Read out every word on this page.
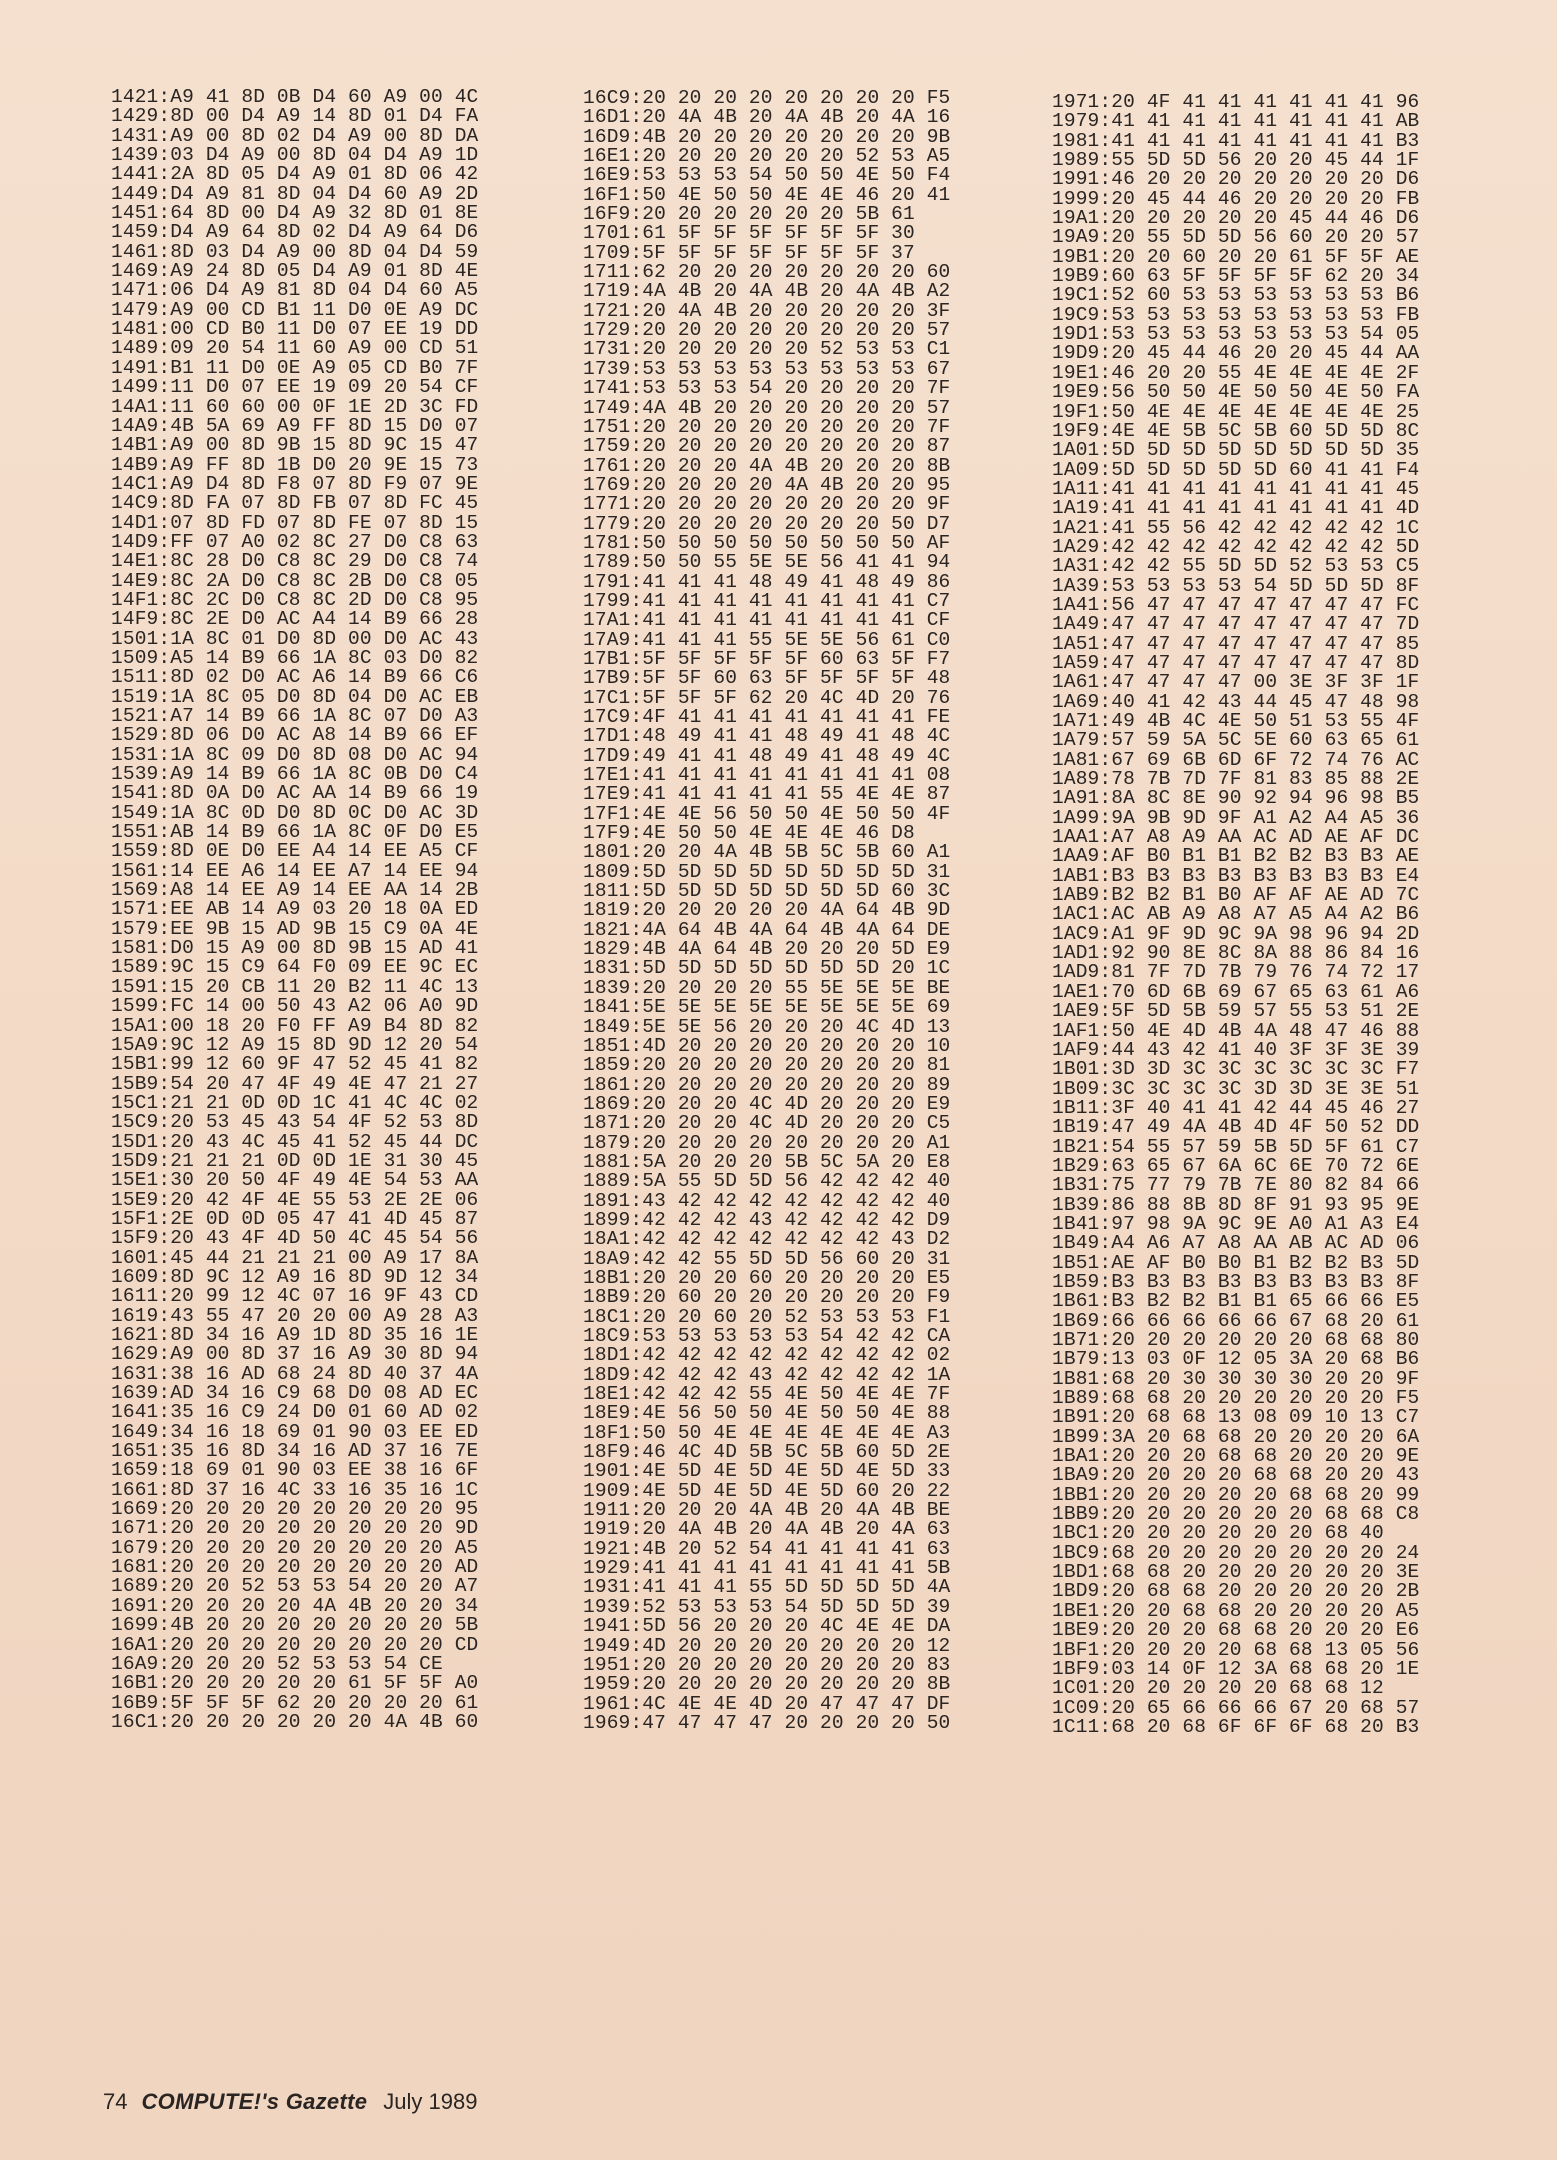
1421:A9 41 8D 0B D4 60 A9 00 4C
1429:8D 00 D4 A9 14 8D 01 D4 FA
1431:A9 00 8D 02 D4 A9 00 8D DA
1439:03 D4 A9 00 8D 04 D4 A9 1D
1441:2A 8D 05 D4 A9 01 8D 06 42
1449:D4 A9 81 8D 04 D4 60 A9 2D
1451:64 8D 00 D4 A9 32 8D 01 8E
1459:D4 A9 64 8D 02 D4 A9 64 D6
1461:8D 03 D4 A9 00 8D 04 D4 59
1469:A9 24 8D 05 D4 A9 01 8D 4E
1471:06 D4 A9 81 8D 04 D4 60 A5
1479:A9 00 CD B1 11 D0 0E A9 DC
1481:00 CD B0 11 D0 07 EE 19 DD
1489:09 20 54 11 60 A9 00 CD 51
1491:B1 11 D0 0E A9 05 CD B0 7F
1499:11 D0 07 EE 19 09 20 54 CF
14A1:11 60 60 00 0F 1E 2D 3C FD
14A9:4B 5A 69 A9 FF 8D 15 D0 07
14B1:A9 00 8D 9B 15 8D 9C 15 47
14B9:A9 FF 8D 1B D0 20 9E 15 73
14C1:A9 D4 8D F8 07 8D F9 07 9E
14C9:8D FA 07 8D FB 07 8D FC 45
14D1:07 8D FD 07 8D FE 07 8D 15
14D9:FF 07 A0 02 8C 27 D0 C8 63
14E1:8C 28 D0 C8 8C 29 D0 C8 74
14E9:8C 2A D0 C8 8C 2B D0 C8 05
14F1:8C 2C D0 C8 8C 2D D0 C8 95
14F9:8C 2E D0 AC A4 14 B9 66 28
1501:1A 8C 01 D0 8D 00 D0 AC 43
1509:A5 14 B9 66 1A 8C 03 D0 82
1511:8D 02 D0 AC A6 14 B9 66 C6
1519:1A 8C 05 D0 8D 04 D0 AC EB
1521:A7 14 B9 66 1A 8C 07 D0 A3
1529:8D 06 D0 AC A8 14 B9 66 EF
1531:1A 8C 09 D0 8D 08 D0 AC 94
1539:A9 14 B9 66 1A 8C 0B D0 C4
1541:8D 0A D0 AC AA 14 B9 66 19
1549:1A 8C 0D D0 8D 0C D0 AC 3D
1551:AB 14 B9 66 1A 8C 0F D0 E5
1559:8D 0E D0 EE A4 14 EE A5 CF
1561:14 EE A6 14 EE A7 14 EE 94
1569:A8 14 EE A9 14 EE AA 14 2B
1571:EE AB 14 A9 03 20 18 0A ED
1579:EE 9B 15 AD 9B 15 C9 0A 4E
1581:D0 15 A9 00 8D 9B 15 AD 41
1589:9C 15 C9 64 F0 09 EE 9C EC
1591:15 20 CB 11 20 B2 11 4C 13
1599:FC 14 00 50 43 A2 06 A0 9D
15A1:00 18 20 F0 FF A9 B4 8D 82
15A9:9C 12 A9 15 8D 9D 12 20 54
15B1:99 12 60 9F 47 52 45 41 82
15B9:54 20 47 4F 49 4E 47 21 27
15C1:21 21 0D 0D 1C 41 4C 4C 02
15C9:20 53 45 43 54 4F 52 53 8D
15D1:20 43 4C 45 41 52 45 44 DC
15D9:21 21 21 0D 0D 1E 31 30 45
15E1:30 20 50 4F 49 4E 54 53 AA
15E9:20 42 4F 4E 55 53 2E 2E 06
15F1:2E 0D 0D 05 47 41 4D 45 87
15F9:20 43 4F 4D 50 4C 45 54 56
1601:45 44 21 21 21 00 A9 17 8A
1609:8D 9C 12 A9 16 8D 9D 12 34
1611:20 99 12 4C 07 16 9F 43 CD
1619:43 55 47 20 20 00 A9 28 A3
1621:8D 34 16 A9 1D 8D 35 16 1E
1629:A9 00 8D 37 16 A9 30 8D 94
1631:38 16 AD 68 24 8D 40 37 4A
1639:AD 34 16 C9 68 D0 08 AD EC
1641:35 16 C9 24 D0 01 60 AD 02
1649:34 16 18 69 01 90 03 EE ED
1651:35 16 8D 34 16 AD 37 16 7E
1659:18 69 01 90 03 EE 38 16 6F
1661:8D 37 16 4C 33 16 35 16 1C
1669:20 20 20 20 20 20 20 20 95
1671:20 20 20 20 20 20 20 20 9D
1679:20 20 20 20 20 20 20 20 A5
1681:20 20 20 20 20 20 20 20 AD
1689:20 20 52 53 53 54 20 20 A7
1691:20 20 20 20 4A 4B 20 20 34
1699:4B 20 20 20 20 20 20 20 5B
16A1:20 20 20 20 20 20 20 20 CD
16A9:20 20 20 52 53 53 54 CE
16B1:20 20 20 20 20 61 5F 5F A0
16B9:5F 5F 5F 62 20 20 20 20 61
16C1:20 20 20 20 20 20 4A 4B 60
16C9:20 20 20 20 20 20 20 20 F5
16D1:20 4A 4B 20 4A 4B 20 4A 16
16D9:4B 20 20 20 20 20 20 20 9B
16E1:20 20 20 20 20 20 52 53 A5
16E9:53 53 53 54 50 50 4E 50 F4
16F1:50 4E 50 50 4E 4E 46 20 41
16F9:20 20 20 20 20 20 5B 61
1701:61 5F 5F 5F 5F 5F 5F 30
1709:5F 5F 5F 5F 5F 5F 5F 37
1711:62 20 20 20 20 20 20 20 60
1719:4A 4B 20 4A 4B 20 4A 4B A2
1721:20 4A 4B 20 20 20 20 20 3F
1729:20 20 20 20 20 20 20 20 57
1731:20 20 20 20 20 52 53 53 C1
1739:53 53 53 53 53 53 53 53 67
1741:53 53 53 54 20 20 20 20 7F
1749:4A 4B 20 20 20 20 20 20 57
1751:20 20 20 20 20 20 20 20 7F
1759:20 20 20 20 20 20 20 20 87
1761:20 20 20 4A 4B 20 20 20 8B
1769:20 20 20 20 4A 4B 20 20 95
1771:20 20 20 20 20 20 20 20 9F
1779:20 20 20 20 20 20 20 50 D7
1781:50 50 50 50 50 50 50 50 AF
1789:50 50 55 5E 5E 56 41 41 94
1791:41 41 41 48 49 41 48 49 86
1799:41 41 41 41 41 41 41 41 C7
17A1:41 41 41 41 41 41 41 41 CF
17A9:41 41 41 55 5E 5E 56 61 C0
17B1:5F 5F 5F 5F 5F 60 63 5F F7
17B9:5F 5F 60 63 5F 5F 5F 5F 48
17C1:5F 5F 5F 62 20 4C 4D 20 76
17C9:4F 41 41 41 41 41 41 41 FE
17D1:48 49 41 41 48 49 41 48 4C
17D9:49 41 41 48 49 41 48 49 4C
17E1:41 41 41 41 41 41 41 41 08
17E9:41 41 41 41 41 55 4E 4E 87
17F1:4E 4E 56 50 50 4E 50 50 4F
17F9:4E 50 50 4E 4E 4E 46 D8
1801:20 20 4A 4B 5B 5C 5B 60 A1
1809:5D 5D 5D 5D 5D 5D 5D 5D 31
1811:5D 5D 5D 5D 5D 5D 5D 60 3C
1819:20 20 20 20 20 4A 64 4B 9D
1821:4A 64 4B 4A 64 4B 4A 64 DE
1829:4B 4A 64 4B 20 20 20 5D E9
1831:5D 5D 5D 5D 5D 5D 5D 20 1C
1839:20 20 20 20 55 5E 5E 5E BE
1841:5E 5E 5E 5E 5E 5E 5E 5E 69
1849:5E 5E 56 20 20 20 4C 4D 13
1851:4D 20 20 20 20 20 20 20 10
1859:20 20 20 20 20 20 20 20 81
1861:20 20 20 20 20 20 20 20 89
1869:20 20 20 4C 4D 20 20 20 E9
1871:20 20 20 4C 4D 20 20 20 C5
1879:20 20 20 20 20 20 20 20 A1
1881:5A 20 20 20 5B 5C 5A 20 E8
1889:5A 55 5D 5D 56 42 42 42 40
1891:43 42 42 42 42 42 42 42 40
1899:42 42 42 43 42 42 42 42 D9
18A1:42 42 42 42 42 42 42 43 D2
18A9:42 42 55 5D 5D 56 60 20 31
18B1:20 20 20 60 20 20 20 20 E5
18B9:20 60 20 20 20 20 20 20 F9
18C1:20 20 60 20 52 53 53 53 F1
18C9:53 53 53 53 53 54 42 42 CA
18D1:42 42 42 42 42 42 42 42 02
18D9:42 42 42 43 42 42 42 42 1A
18E1:42 42 42 55 4E 50 4E 4E 7F
18E9:4E 56 50 50 4E 50 50 4E 88
18F1:50 50 4E 4E 4E 4E 4E 4E A3
18F9:46 4C 4D 5B 5C 5B 60 5D 2E
1901:4E 5D 4E 5D 4E 5D 4E 5D 33
1909:4E 5D 4E 5D 4E 5D 60 20 22
1911:20 20 20 4A 4B 20 4A 4B BE
1919:20 4A 4B 20 4A 4B 20 4A 63
1921:4B 20 52 54 41 41 41 41 63
1929:41 41 41 41 41 41 41 41 5B
1931:41 41 41 55 5D 5D 5D 5D 4A
1939:52 53 53 53 54 5D 5D 5D 39
1941:5D 56 20 20 20 4C 4E 4E DA
1949:4D 20 20 20 20 20 20 20 12
1951:20 20 20 20 20 20 20 20 83
1959:20 20 20 20 20 20 20 20 8B
1961:4C 4E 4E 4D 20 47 47 47 DF
1969:47 47 47 47 20 20 20 20 50
1971:20 4F 41 41 41 41 41 41 96
1979:41 41 41 41 41 41 41 41 AB
1981:41 41 41 41 41 41 41 41 B3
1989:55 5D 5D 56 20 20 45 44 1F
1991:46 20 20 20 20 20 20 20 D6
1999:20 45 44 46 20 20 20 20 FB
19A1:20 20 20 20 20 45 44 46 D6
19A9:20 55 5D 5D 56 60 20 20 57
19B1:20 20 60 20 20 61 5F 5F AE
19B9:60 63 5F 5F 5F 5F 62 20 34
19C1:52 60 53 53 53 53 53 53 B6
19C9:53 53 53 53 53 53 53 53 FB
19D1:53 53 53 53 53 53 53 54 05
19D9:20 45 44 46 20 20 45 44 AA
19E1:46 20 20 55 4E 4E 4E 4E 2F
19E9:56 50 50 4E 50 50 4E 50 FA
19F1:50 4E 4E 4E 4E 4E 4E 4E 25
19F9:4E 4E 5B 5C 5B 60 5D 5D 8C
1A01:5D 5D 5D 5D 5D 5D 5D 5D 35
1A09:5D 5D 5D 5D 5D 60 41 41 F4
1A11:41 41 41 41 41 41 41 41 45
1A19:41 41 41 41 41 41 41 41 4D
1A21:41 55 56 42 42 42 42 42 1C
1A29:42 42 42 42 42 42 42 42 5D
1A31:42 42 55 5D 5D 52 53 53 C5
1A39:53 53 53 53 54 5D 5D 5D 8F
1A41:56 47 47 47 47 47 47 47 FC
1A49:47 47 47 47 47 47 47 47 7D
1A51:47 47 47 47 47 47 47 47 85
1A59:47 47 47 47 47 47 47 47 8D
1A61:47 47 47 47 00 3E 3F 3F 1F
1A69:40 41 42 43 44 45 47 48 98
1A71:49 4B 4C 4E 50 51 53 55 4F
1A79:57 59 5A 5C 5E 60 63 65 61
1A81:67 69 6B 6D 6F 72 74 76 AC
1A89:78 7B 7D 7F 81 83 85 88 2E
1A91:8A 8C 8E 90 92 94 96 98 B5
1A99:9A 9B 9D 9F A1 A2 A4 A5 36
1AA1:A7 A8 A9 AA AC AD AE AF DC
1AA9:AF B0 B1 B1 B2 B2 B3 B3 AE
1AB1:B3 B3 B3 B3 B3 B3 B3 B3 E4
1AB9:B2 B2 B1 B0 AF AF AE AD 7C
1AC1:AC AB A9 A8 A7 A5 A4 A2 B6
1AC9:A1 9F 9D 9C 9A 98 96 94 2D
1AD1:92 90 8E 8C 8A 88 86 84 16
1AD9:81 7F 7D 7B 79 76 74 72 17
1AE1:70 6D 6B 69 67 65 63 61 A6
1AE9:5F 5D 5B 59 57 55 53 51 2E
1AF1:50 4E 4D 4B 4A 48 47 46 88
1AF9:44 43 42 41 40 3F 3F 3E 39
1B01:3D 3D 3C 3C 3C 3C 3C 3C F7
1B09:3C 3C 3C 3C 3D 3D 3E 3E 51
1B11:3F 40 41 41 42 44 45 46 27
1B19:47 49 4A 4B 4D 4F 50 52 DD
1B21:54 55 57 59 5B 5D 5F 61 C7
1B29:63 65 67 6A 6C 6E 70 72 6E
1B31:75 77 79 7B 7E 80 82 84 66
1B39:86 88 8B 8D 8F 91 93 95 9E
1B41:97 98 9A 9C 9E A0 A1 A3 E4
1B49:A4 A6 A7 A8 AA AB AC AD 06
1B51:AE AF B0 B0 B1 B2 B2 B3 5D
1B59:B3 B3 B3 B3 B3 B3 B3 B3 8F
1B61:B3 B2 B2 B1 B1 65 66 66 E5
1B69:66 66 66 66 66 67 68 20 61
1B71:20 20 20 20 20 20 68 68 80
1B79:13 03 0F 12 05 3A 20 68 B6
1B81:68 20 30 30 30 30 20 20 9F
1B89:68 68 20 20 20 20 20 20 F5
1B91:20 68 68 13 08 09 10 13 C7
1B99:3A 20 68 68 20 20 20 20 6A
1BA1:20 20 20 68 68 20 20 20 9E
1BA9:20 20 20 20 68 68 20 20 43
1BB1:20 20 20 20 20 68 68 20 99
1BB9:20 20 20 20 20 20 68 68 C8
1BC1:20 20 20 20 20 20 68 40
1BC9:68 20 20 20 20 20 20 20 24
1BD1:68 68 20 20 20 20 20 20 3E
1BD9:20 68 68 20 20 20 20 20 2B
1BE1:20 20 68 68 20 20 20 20 A5
1BE9:20 20 20 68 68 20 20 20 E6
1BF1:20 20 20 20 68 68 13 05 56
1BF9:03 14 0F 12 3A 68 68 20 1E
1C01:20 20 20 20 20 68 68 12
1C09:20 65 66 66 66 67 20 68 57
1C11:68 20 68 6F 6F 6F 68 20 B3
74 COMPUTE!'s Gazette July 1989
